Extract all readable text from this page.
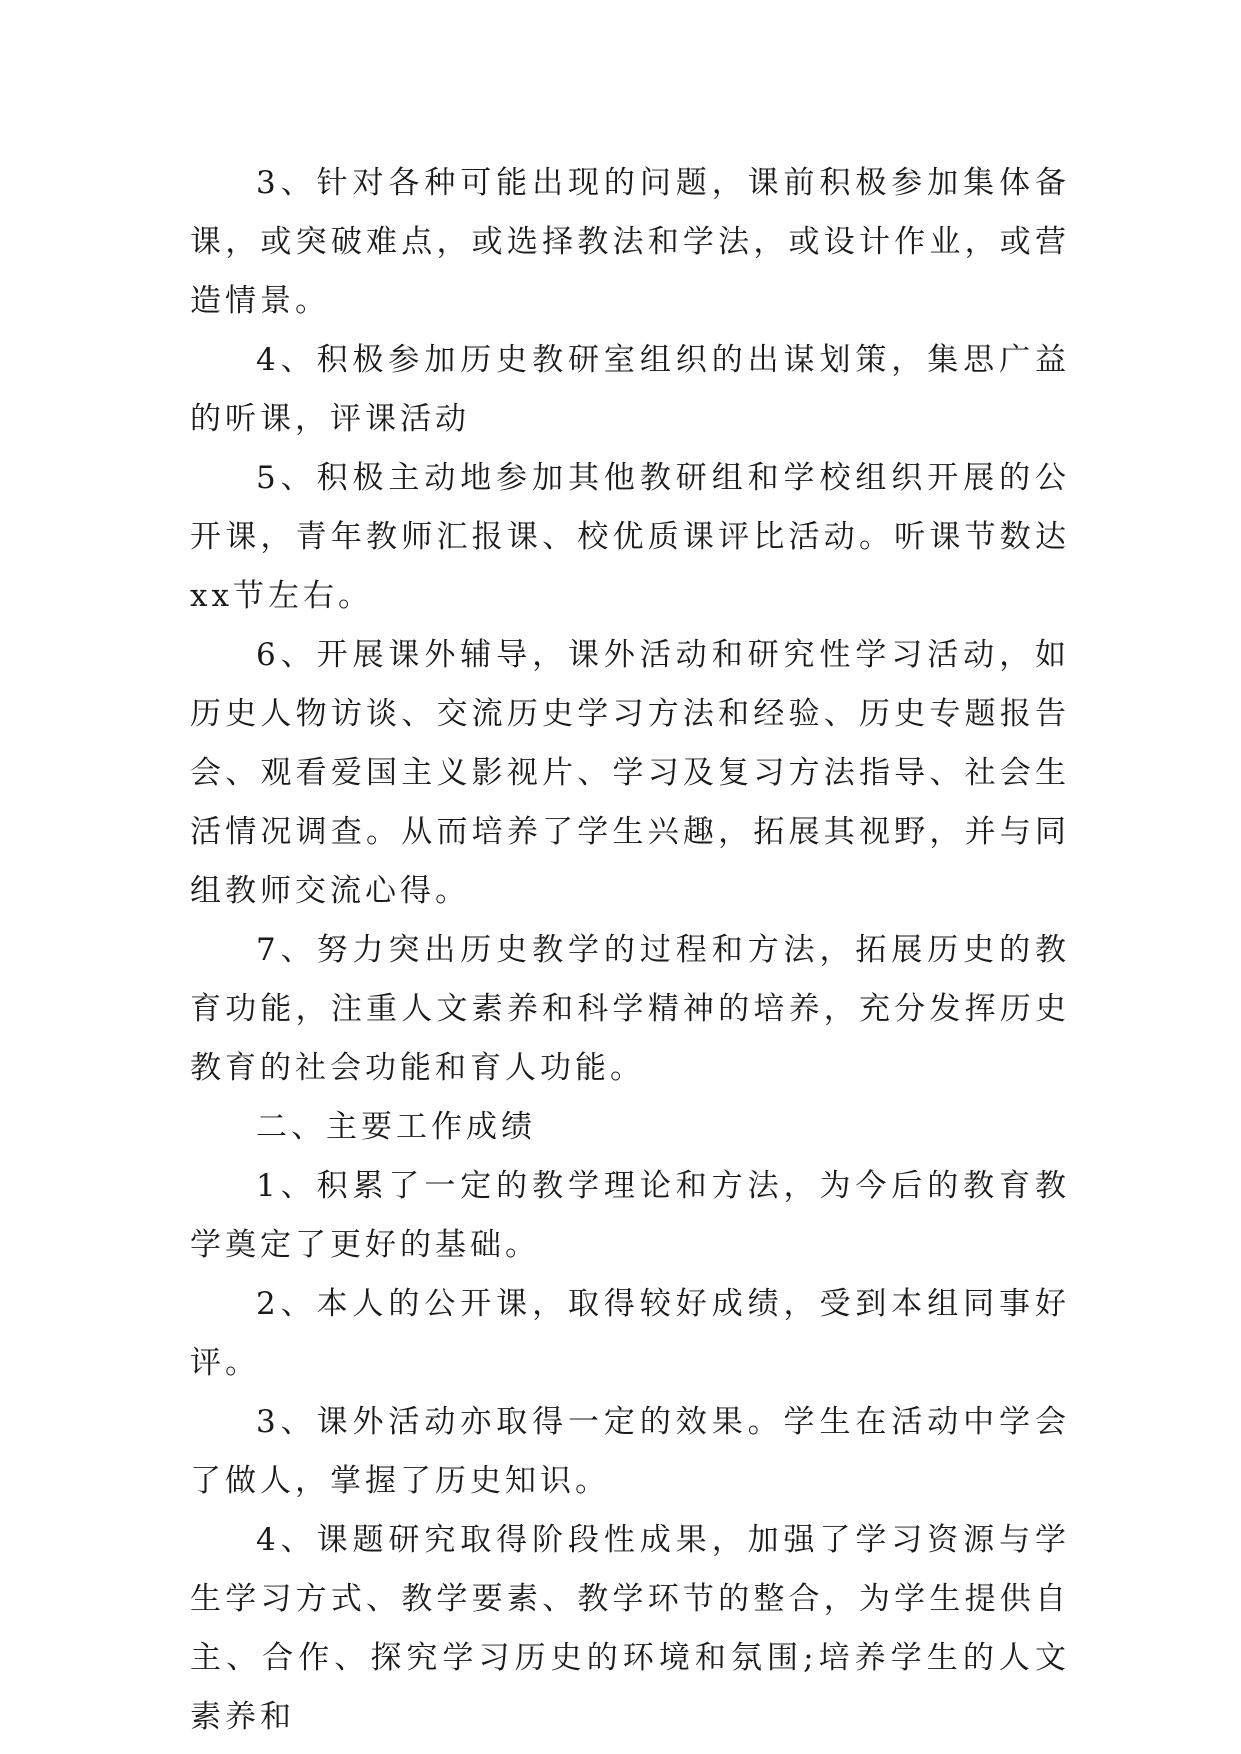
3、针对各种可能出现的问题，课前积极参加集体备课，或突破难点，或选择教法和学法，或设计作业，或营造情景。

4、积极参加历史教研室组织的出谋划策，集思广益的听课，评课活动

5、积极主动地参加其他教研组和学校组织开展的公开课，青年教师汇报课、校优质课评比活动。听课节数达xx节左右。

6、开展课外辅导，课外活动和研究性学习活动，如历史人物访谈、交流历史学习方法和经验、历史专题报告会、观看爱国主义影视片、学习及复习方法指导、社会生活情况调查。从而培养了学生兴趣，拓展其视野，并与同组教师交流心得。

7、努力突出历史教学的过程和方法，拓展历史的教育功能，注重人文素养和科学精神的培养，充分发挥历史教育的社会功能和育人功能。

二、主要工作成绩

1、积累了一定的教学理论和方法，为今后的教育教学奠定了更好的基础。

2、本人的公开课，取得较好成绩，受到本组同事好评。

3、课外活动亦取得一定的效果。学生在活动中学会了做人，掌握了历史知识。

4、课题研究取得阶段性成果，加强了学习资源与学生学习方式、教学要素、教学环节的整合，为学生提供自主、合作、探究学习历史的环境和氛围;培养学生的人文素养和
